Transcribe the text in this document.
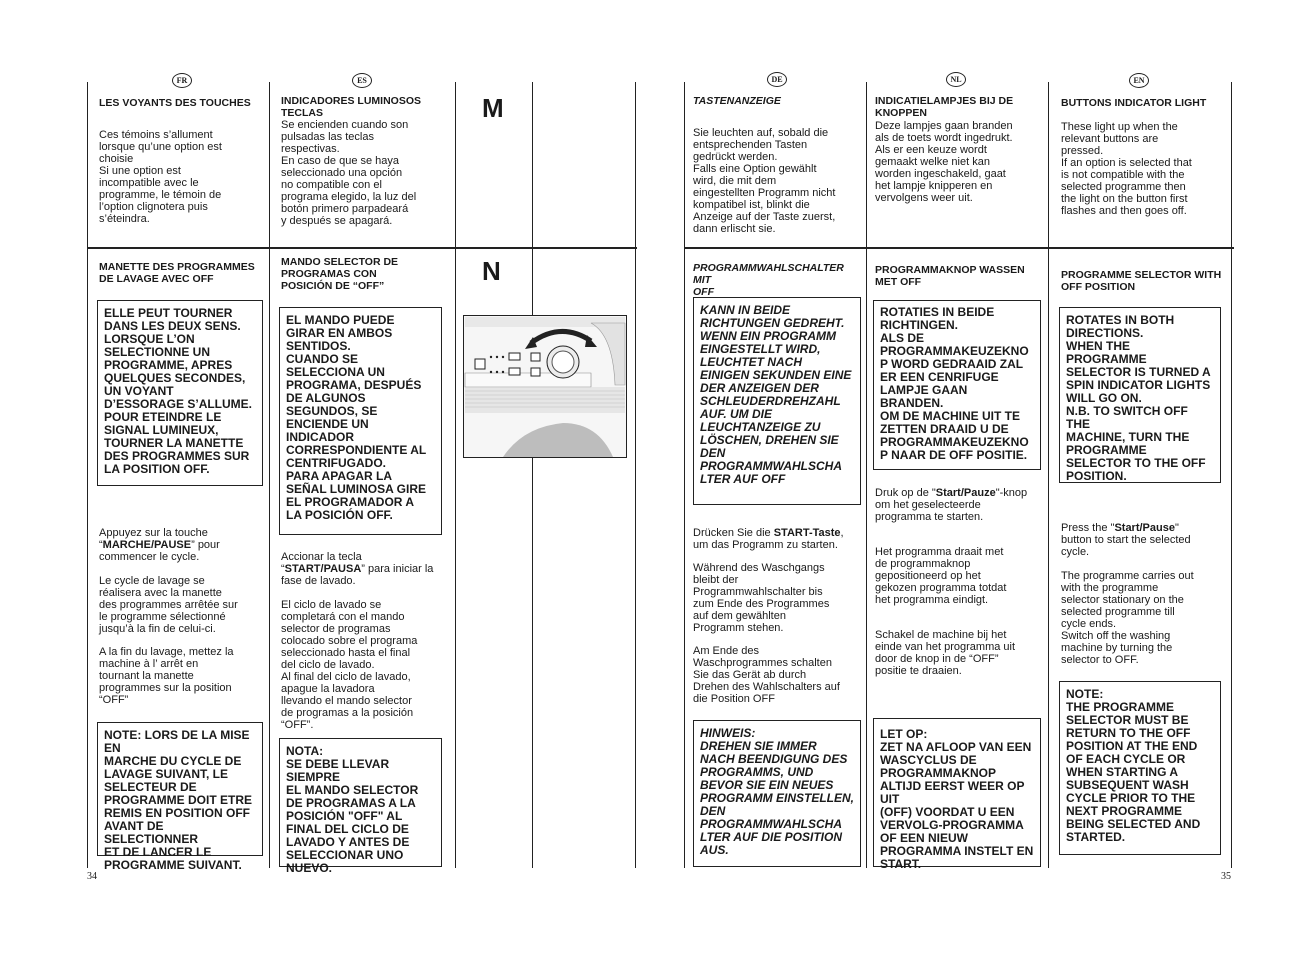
FR	ES	DE	NL	EN
M
N
LES VOYANTS DES TOUCHES
Ces témoins s’allument
lorsque qu’une option est
choisie
Si une option est
incompatible avec le
programme, le témoin de
l’option clignotera puis
s’éteindra.
MANETTE DES PROGRAMMES
DE LAVAGE AVEC OFF
ELLE PEUT TOURNER
DANS LES DEUX SENS.
LORSQUE L’ON
SELECTIONNE UN
PROGRAMME, APRES
QUELQUES SECONDES,
UN VOYANT
D’ESSORAGE S’ALLUME.
POUR ETEINDRE LE
SIGNAL LUMINEUX,
TOURNER LA MANETTE
DES PROGRAMMES SUR
LA POSITION OFF.
Appuyez sur la touche
“MARCHE/PAUSE” pour
commencer le cycle.
Le cycle de lavage se
réalisera avec la manette
des programmes arrêtée sur
le programme sélectionné
jusqu’à la fin de celui-ci.
A la fin du lavage, mettez la
machine à l’ arrêt en
tournant la manette
programmes sur la position
“OFF”
NOTE: LORS DE LA MISE EN
MARCHE DU CYCLE DE
LAVAGE SUIVANT, LE
SELECTEUR DE
PROGRAMME DOIT ETRE
REMIS EN POSITION OFF
AVANT DE SELECTIONNER
ET DE LANCER LE
PROGRAMME SUIVANT.
INDICADORES LUMINOSOS
TECLAS
Se encienden cuando son
pulsadas las teclas
respectivas.
En caso de que se haya
seleccionado una opción
no compatible con el
programa elegido, la luz del
botón primero parpadeará
y después se apagará.
MANDO SELECTOR DE
PROGRAMAS CON
POSICIÓN DE “OFF”
EL MANDO PUEDE
GIRAR EN AMBOS
SENTIDOS.
CUANDO SE
SELECCIONA UN
PROGRAMA, DESPUÉS
DE ALGUNOS
SEGUNDOS, SE
ENCIENDE UN
INDICADOR
CORRESPONDIENTE AL
CENTRIFUGADO.
PARA APAGAR LA
SEÑAL LUMINOSA GIRE
EL PROGRAMADOR A
LA POSICIÓN OFF.
Accionar la tecla
“START/PAUSA” para iniciar la
fase de lavado.
El ciclo de lavado se
completará con el mando
selector de programas
colocado sobre el programa
seleccionado hasta el final
del ciclo de lavado.
Al final del ciclo de lavado,
apague la lavadora
llevando el mando selector
de programas a la posición
“OFF”.
NOTA:
SE DEBE LLEVAR SIEMPRE
EL MANDO SELECTOR
DE PROGRAMAS A LA
POSICIÓN "OFF" AL
FINAL DEL CICLO DE
LAVADO Y ANTES DE
SELECCIONAR UNO
NUEVO.
TASTENANZEIGE
Sie leuchten auf, sobald die
entsprechenden Tasten
gedrückt werden.
Falls eine Option gewählt
wird, die mit dem
eingestellten Programm nicht
kompatibel ist, blinkt die
Anzeige auf der Taste zuerst,
dann erlischt sie.
PROGRAMMWAHLSCHALTER MIT
OFF
KANN IN BEIDE
RICHTUNGEN GEDREHT.
WENN EIN PROGRAMM
EINGESTELLT WIRD,
LEUCHTET NACH
EINIGEN SEKUNDEN EINE
DER ANZEIGEN DER
SCHLEUDERDREHZAHL
AUF. UM DIE
LEUCHTANZEIGE ZU
LÖSCHEN, DREHEN SIE
DEN
PROGRAMMWAHLSCHA
LTER AUF OFF
Drücken Sie die START-Taste,
um das Programm zu starten.
Während des Waschgangs
bleibt der
Programmwahlschalter bis
zum Ende des Programmes
auf dem gewählten
Programm stehen.
Am Ende des
Waschprogrammes schalten
Sie das Gerät ab durch
Drehen des Wahlschalters auf
die Position OFF
HINWEIS:
DREHEN SIE IMMER
NACH BEENDIGUNG DES
PROGRAMMS, UND
BEVOR SIE EIN NEUES
PROGRAMM EINSTELLEN,
DEN
PROGRAMMWAHLSCHA
LTER AUF DIE POSITION
AUS.
INDICATIELAMPJES BIJ DE
KNOPPEN
Deze lampjes gaan branden
als de toets wordt ingedrukt.
Als er een keuze wordt
gemaakt welke niet kan
worden ingeschakeld, gaat
het lampje knipperen en
vervolgens weer uit.
PROGRAMMAKNOP WASSEN
MET OFF
ROTATIES IN BEIDE
RICHTINGEN.
ALS DE
PROGRAMMAKEUZEKNO
P WORD GEDRAAID ZAL
ER EEN CENRIFUGE
LAMPJE GAAN
BRANDEN.
OM DE MACHINE UIT TE
ZETTEN DRAAID U DE
PROGRAMMAKEUZEKNO
P NAAR DE OFF POSITIE.
Druk op de "Start/Pauze"-knop
om het geselecteerde
programma te starten.
Het programma draait met
de programmaknop
gepositioneerd op het
gekozen programma totdat
het programma eindigt.
Schakel de machine bij het
einde van het programma uit
door de knop in de “OFF”
positie te draaien.
LET OP:
ZET NA AFLOOP VAN EEN
WASCYCLUS DE
PROGRAMMAKNOP
ALTIJD EERST WEER OP UIT
(OFF) VOORDAT U EEN
VERVOLG-PROGRAMMA
OF EEN NIEUW
PROGRAMMA INSTELT EN
START.
BUTTONS INDICATOR LIGHT
These light up when the
relevant buttons are
pressed.
If an option is selected that
is not compatible with the
selected programme then
the light on the button first
flashes and then goes off.
PROGRAMME SELECTOR WITH
OFF POSITION
ROTATES IN BOTH
DIRECTIONS.
WHEN THE
PROGRAMME
SELECTOR IS TURNED A
SPIN INDICATOR LIGHTS
WILL GO ON.
N.B. TO SWITCH OFF THE
MACHINE, TURN THE
PROGRAMME
SELECTOR TO THE OFF
POSITION.
Press the "Start/Pause"
button to start the selected
cycle.
The programme carries out
with the programme
selector stationary on the
selected programme till
cycle ends.
Switch off the washing
machine by turning the
selector to OFF.
NOTE:
THE PROGRAMME
SELECTOR MUST BE
RETURN TO THE OFF
POSITION AT THE END
OF EACH CYCLE OR
WHEN STARTING A
SUBSEQUENT WASH
CYCLE PRIOR TO THE
NEXT PROGRAMME
BEING SELECTED AND
STARTED.
34	35
